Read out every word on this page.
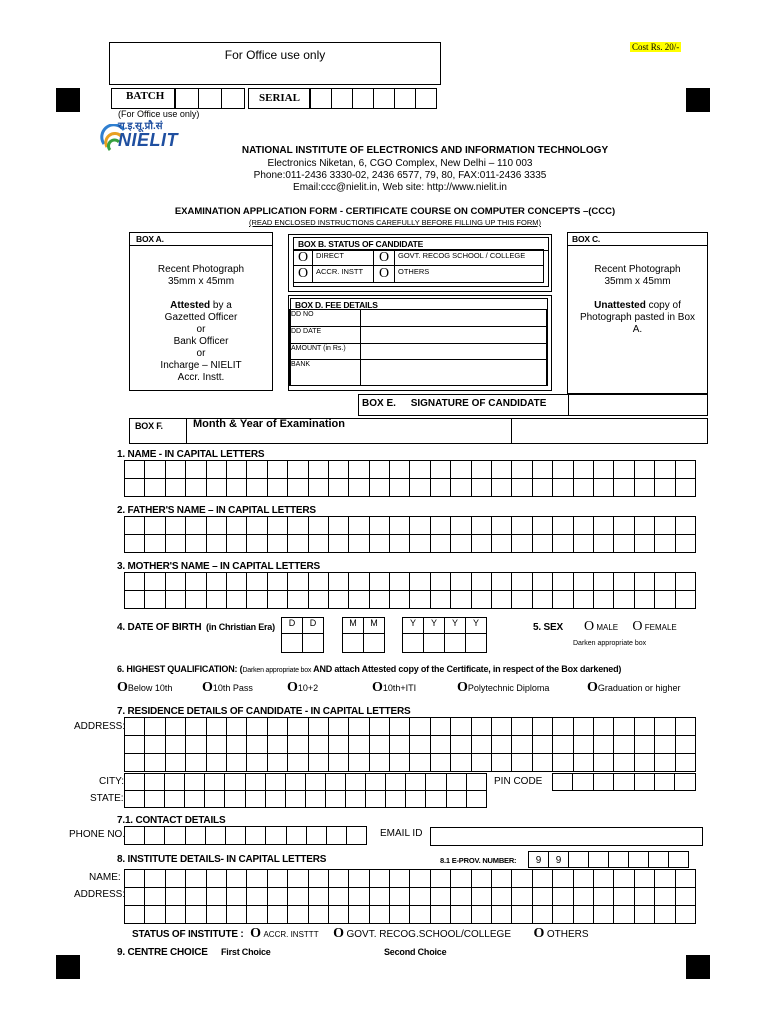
For Office use only
Cost Rs. 20/-
BATCH	SERIAL
(For Office use only)
रा.इ.सू.प्रौ.सं
NIELIT
NATIONAL INSTITUTE OF ELECTRONICS AND INFORMATION TECHNOLOGY
Electronics Niketan, 6, CGO Complex, New Delhi – 110 003
Phone:011-2436 3330-02, 2436 6577, 79, 80, FAX:011-2436 3335
Email:ccc@nielit.in, Web site: http://www.nielit.in
EXAMINATION APPLICATION FORM - CERTIFICATE COURSE ON COMPUTER CONCEPTS –(CCC)
(READ ENCLOSED INSTRUCTIONS CAREFULLY BEFORE FILLING UP THIS FORM)
BOX A.
Recent Photograph
35mm x 45mm
Attested by a
Gazetted Officer
or
Bank Officer
or
Incharge – NIELIT
Accr. Instt.
BOX B. STATUS OF CANDIDATE
O	DIRECT	O	GOVT. RECOG SCHOOL / COLLEGE
O	ACCR. INSTT	O	OTHERS
BOX D. FEE DETAILS
DD NO
DD DATE
AMOUNT (in Rs.)
BANK
BOX C.
Recent Photograph
35mm x 45mm
Unattested copy of
Photograph pasted in Box
A.
BOX E. SIGNATURE OF CANDIDATE
BOX F.	Month & Year of Examination
1. NAME - IN CAPITAL LETTERS
2. FATHER'S NAME – IN CAPITAL LETTERS
3. MOTHER'S NAME – IN CAPITAL LETTERS
4. DATE OF BIRTH (in Christian Era)	D	D	M	M	Y	Y	Y	Y	5. SEX O MALE O FEMALE
Darken appropriate box
6. HIGHEST QUALIFICATION: (Darken appropriate box AND attach Attested copy of the Certificate, in respect of the Box darkened)
OBelow 10th O10th Pass O10+2	O10th+ITI	OPolytechnic Diploma	OGraduation or higher
7. RESIDENCE DETAILS OF CANDIDATE - IN CAPITAL LETTERS
ADDRESS:
CITY:
STATE:
PIN CODE
7.1. CONTACT DETAILS
PHONE NO.	EMAIL ID
8. INSTITUTE DETAILS- IN CAPITAL LETTERS	8.1 E-PROV. NUMBER:	9	9
NAME:
ADDRESS:
STATUS OF INSTITUTE : O ACCR. INSTTT O GOVT. RECOG.SCHOOL/COLLEGE O OTHERS
9. CENTRE CHOICE First Choice	Second Choice
